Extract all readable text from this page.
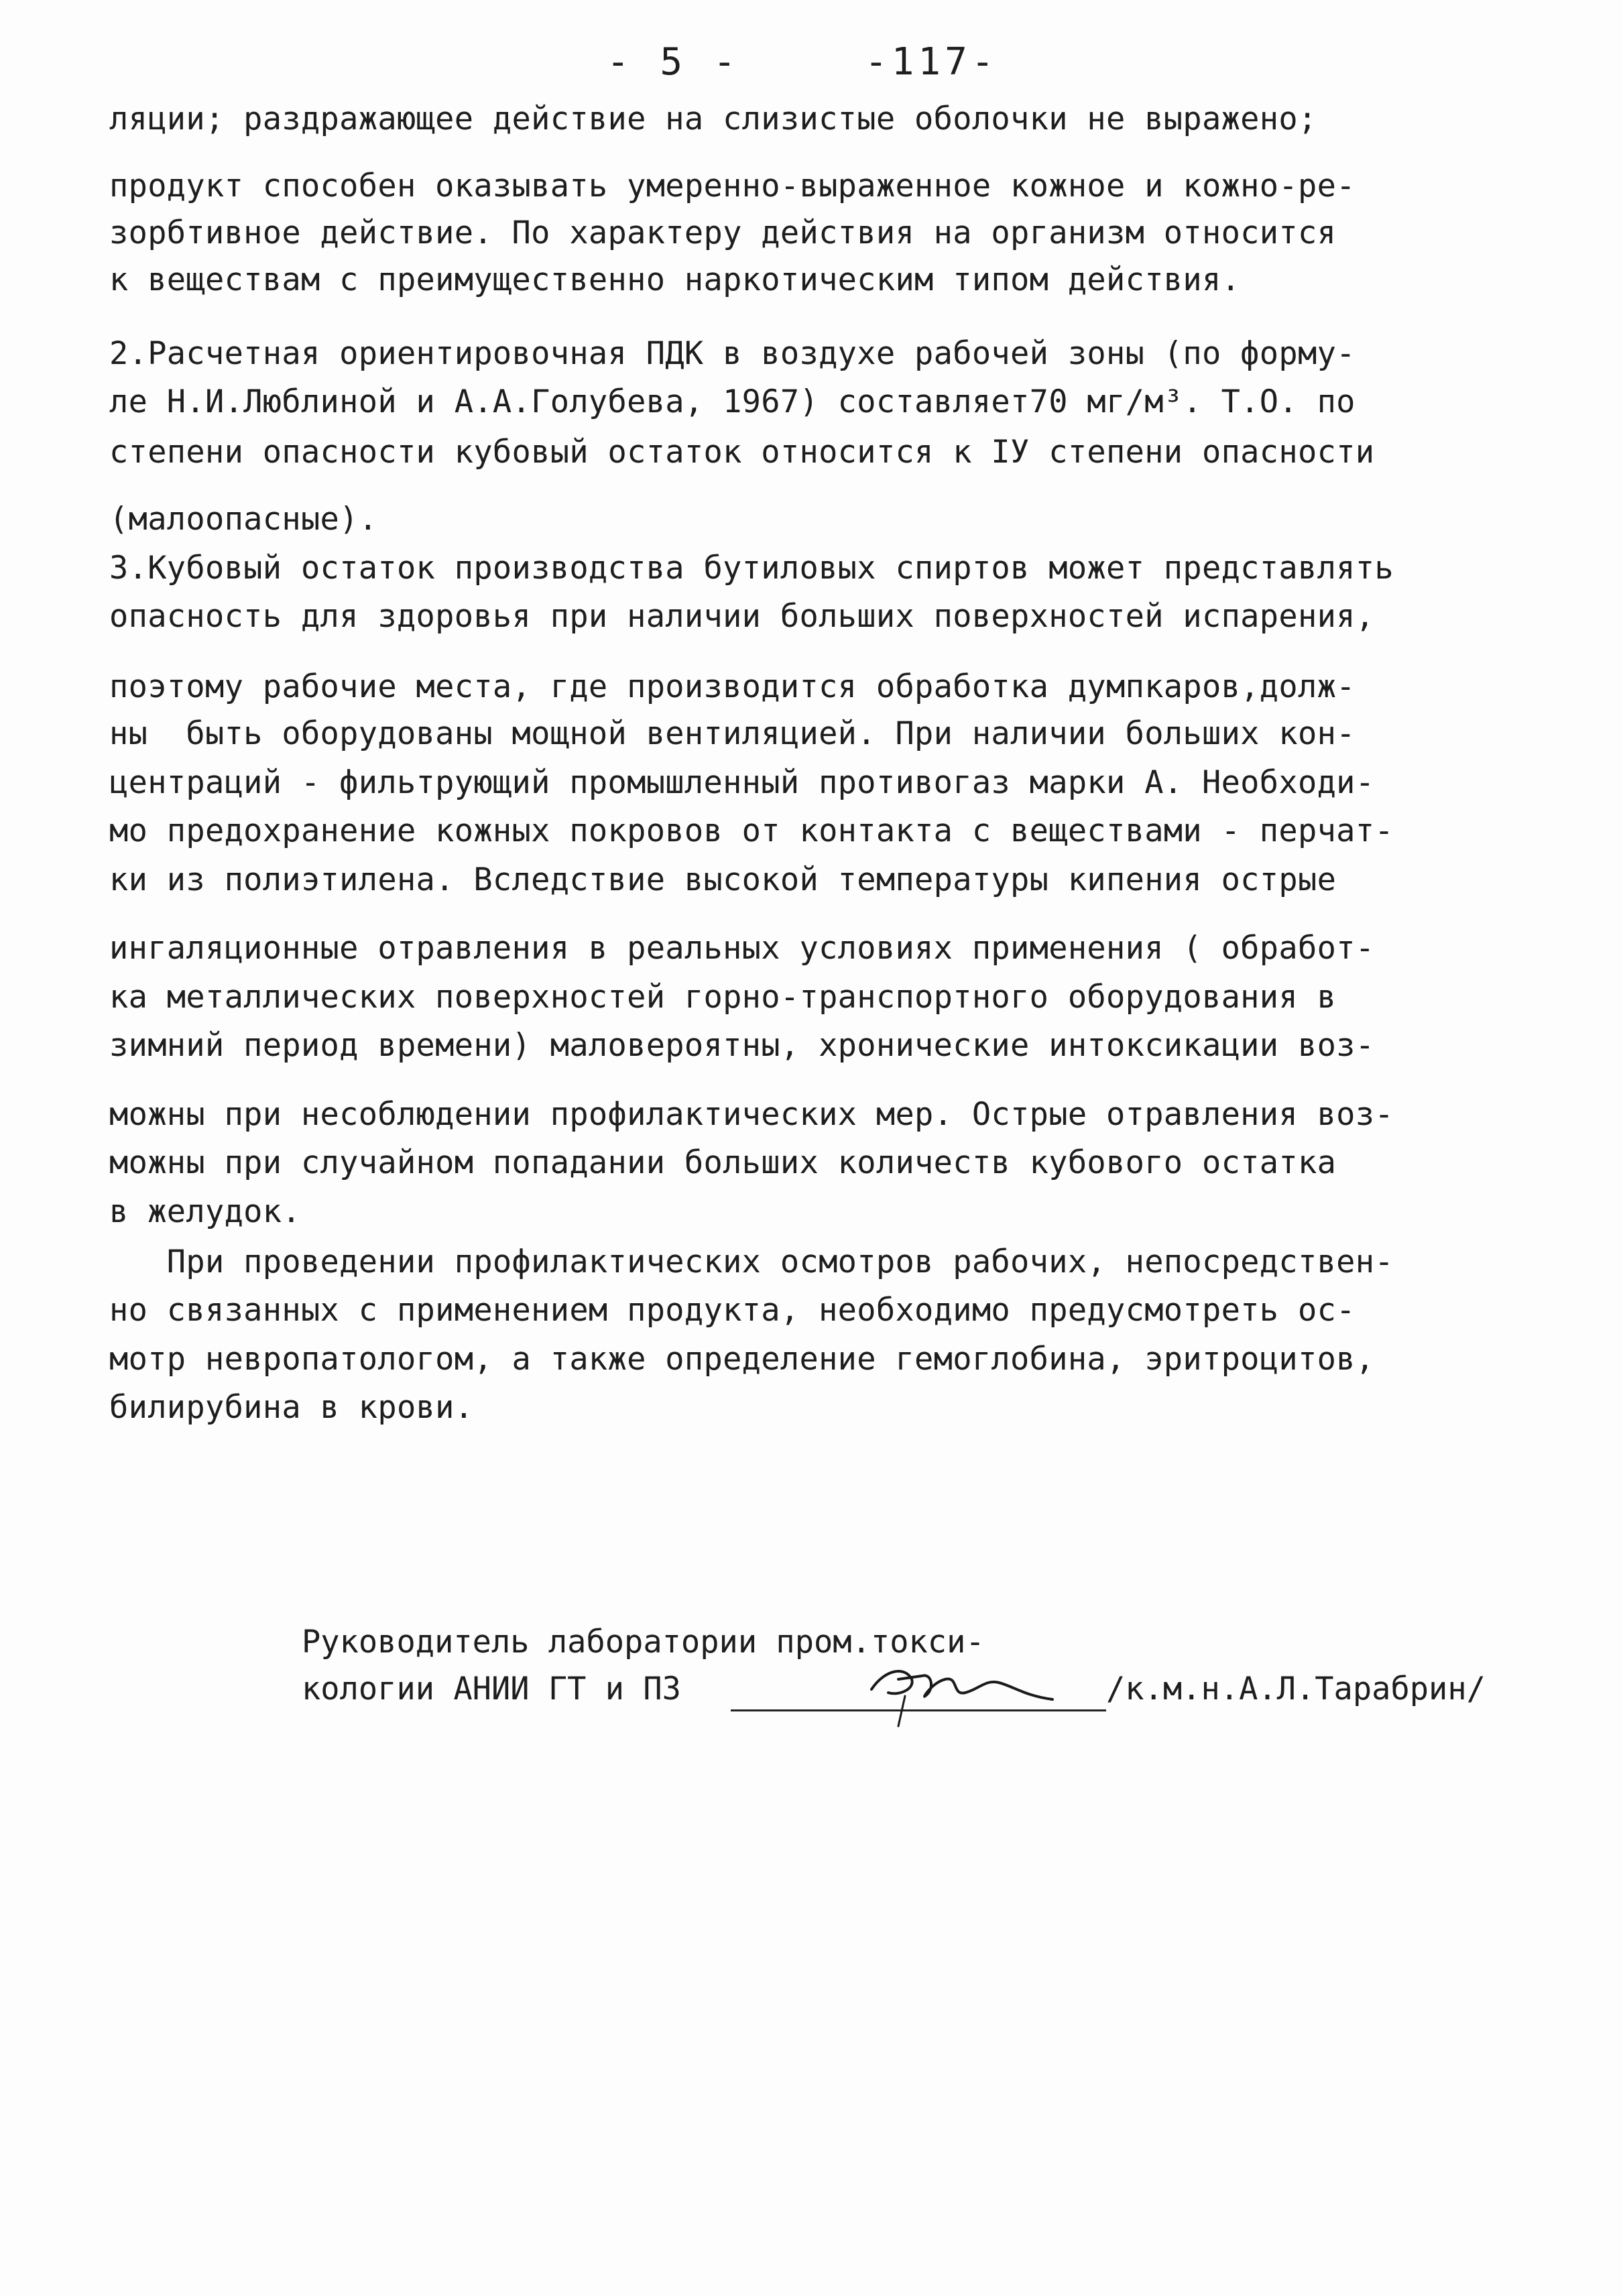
- 5 -	-117-
ляции; раздражающее действие на слизистые оболочки не выражено;
продукт способен оказывать умеренно-выраженное кожное и кожно-ре-
зорбтивное действие. По характеру действия на организм относится
к веществам с преимущественно наркотическим типом действия.
2.Расчетная ориентировочная ПДК в воздухе рабочей зоны (по форму-
ле Н.И.Люблиной и А.А.Голубева, 1967) составляет70 мг/м³. Т.О. по
степени опасности кубовый остаток относится к IУ степени опасности
(малоопасные).
3.Кубовый остаток производства бутиловых спиртов может представлять
опасность для здоровья при наличии больших поверхностей испарения,
поэтому рабочие места, где производится обработка думпкаров,долж-
ны  быть оборудованы мощной вентиляцией. При наличии больших кон-
центраций - фильтрующий промышленный противогаз марки А. Необходи-
мо предохранение кожных покровов от контакта с веществами - перчат-
ки из полиэтилена. Вследствие высокой температуры кипения острые
ингаляционные отравления в реальных условиях применения ( обработ-
ка металлических поверхностей горно-транспортного оборудования в
зимний период времени) маловероятны, хронические интоксикации воз-
можны при несоблюдении профилактических мер. Острые отравления воз-
можны при случайном попадании больших количеств кубового остатка
в желудок.
При проведении профилактических осмотров рабочих, непосредствен-
но связанных с применением продукта, необходимо предусмотреть ос-
мотр невропатологом, а также определение гемоглобина, эритроцитов,
билирубина в крови.
Руководитель лаборатории пром.токси-
кологии АНИИ ГТ и ПЗ	/к.м.н.А.Л.Тарабрин/
